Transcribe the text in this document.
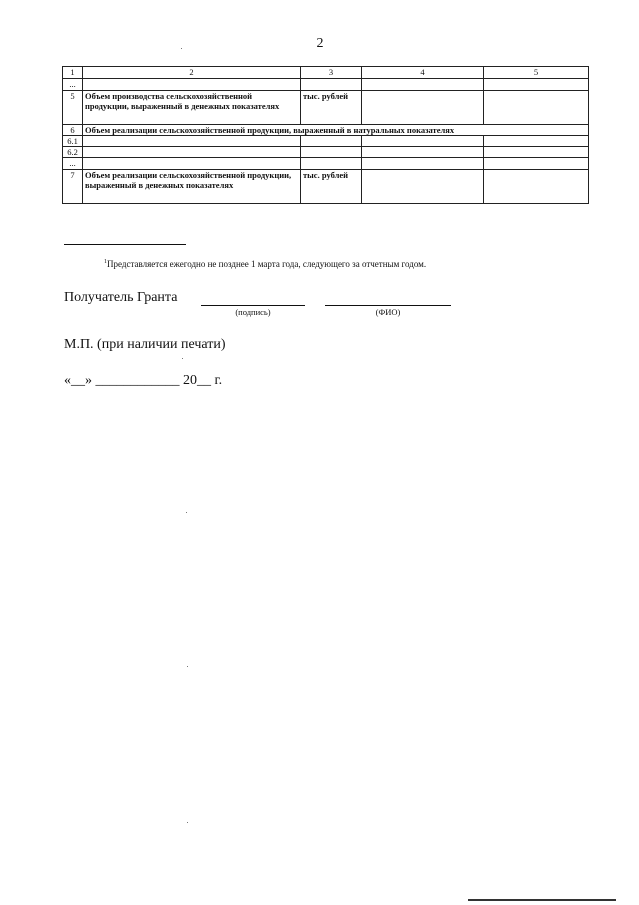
2
1	2	3	4	5
...				
5	Объем производства сельскохозяйственной продукции, выраженный в денежных показателях	тыс. рублей		
6	Объем реализации сельскохозяйственной продукции, выраженный в натуральных показателях			
6.1				
6.2				
...				
7	Объем реализации сельскохозяйственной продукции, выраженный в денежных показателях	тыс. рублей		
$^1$Представляется ежегодно не позднее 1 марта года, следующего за отчетным годом.
Получатель Гранта
(подпись)	(ФИО)
М.П. (при наличии печати)
«__» ____________ 20__ г.
